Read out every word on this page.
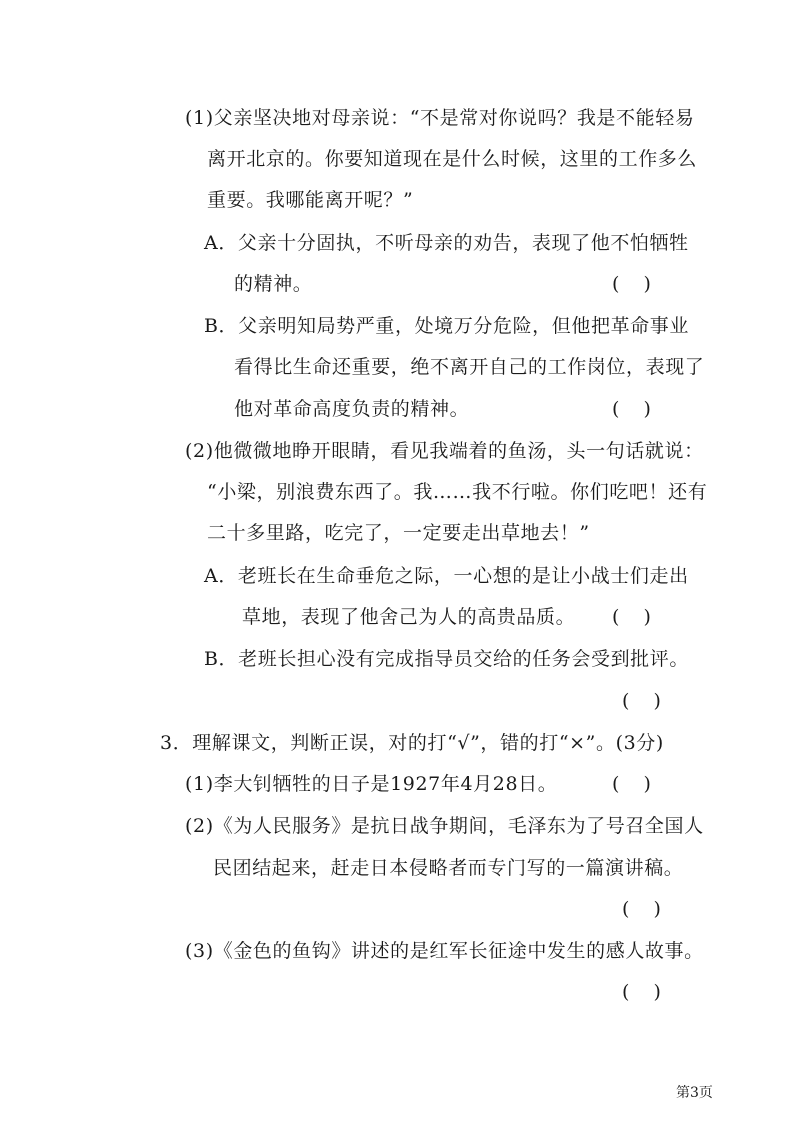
(1)父亲坚决地对母亲说：“不是常对你说吗？我是不能轻易
离开北京的。你要知道现在是什么时候，这里的工作多么
重要。我哪能离开呢？”
A．父亲十分固执，不听母亲的劝告，表现了他不怕牺牲
的精神。	( )
B．父亲明知局势严重，处境万分危险，但他把革命事业
看得比生命还重要，绝不离开自己的工作岗位，表现了
他对革命高度负责的精神。	( )
(2)他微微地睁开眼睛，看见我端着的鱼汤，头一句话就说：
“小梁，别浪费东西了。我……我不行啦。你们吃吧！还有
二十多里路，吃完了，一定要走出草地去！”
A．老班长在生命垂危之际，一心想的是让小战士们走出
草地，表现了他舍己为人的高贵品质。 ( )
B．老班长担心没有完成指导员交给的任务会受到批评。
( )
3．理解课文，判断正误，对的打“√”，错的打“×”。(3分)
(1)李大钊牺牲的日子是1927年4月28日。	( )
(2)《为人民服务》是抗日战争期间，毛泽东为了号召全国人
民团结起来，赶走日本侵略者而专门写的一篇演讲稿。
( )
(3)《金色的鱼钩》讲述的是红军长征途中发生的感人故事。
( )
第3页
